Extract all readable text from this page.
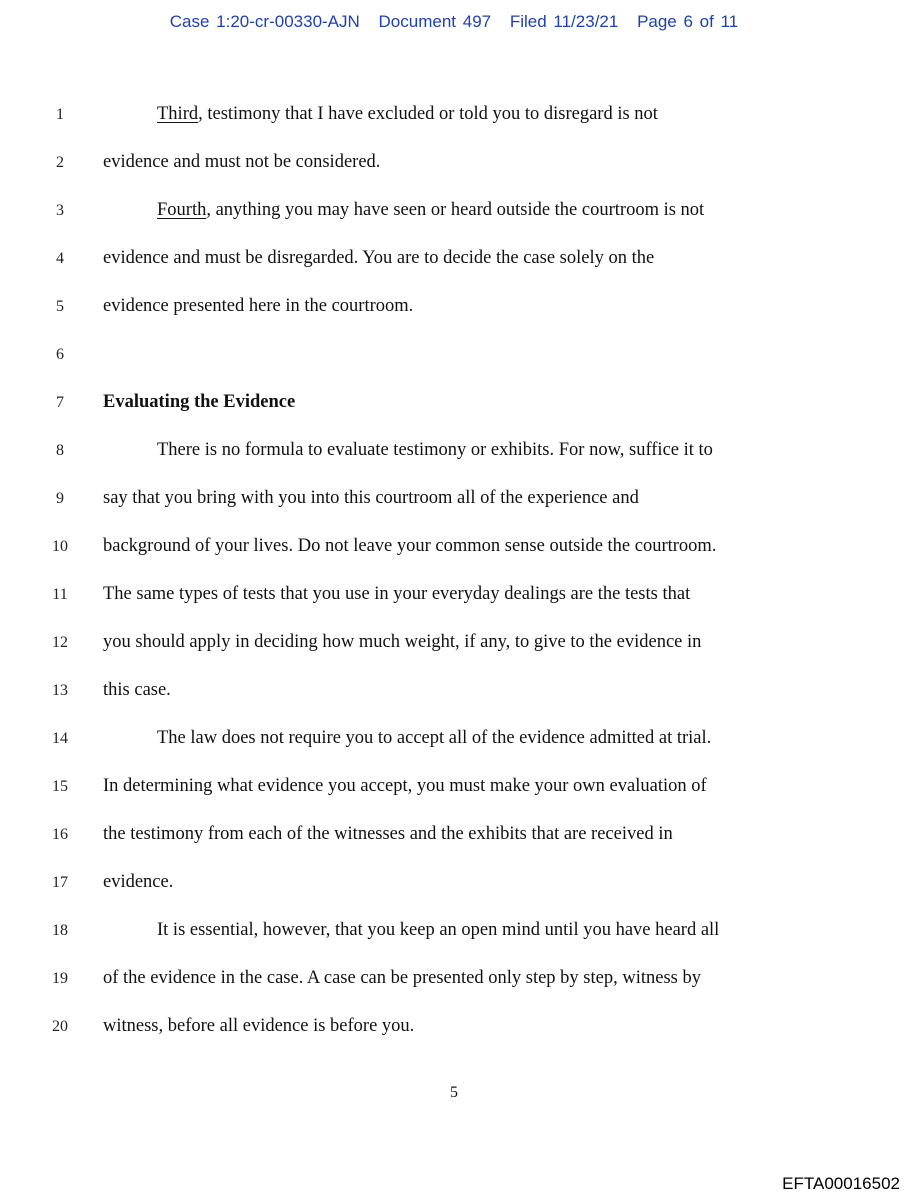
Case 1:20-cr-00330-AJN Document 497 Filed 11/23/21 Page 6 of 11
1	Third, testimony that I have excluded or told you to disregard is not
2	evidence and must not be considered.
3	Fourth, anything you may have seen or heard outside the courtroom is not
4	evidence and must be disregarded. You are to decide the case solely on the
5	evidence presented here in the courtroom.
6
7	Evaluating the Evidence
8	There is no formula to evaluate testimony or exhibits. For now, suffice it to
9	say that you bring with you into this courtroom all of the experience and
10	background of your lives. Do not leave your common sense outside the courtroom.
11	The same types of tests that you use in your everyday dealings are the tests that
12	you should apply in deciding how much weight, if any, to give to the evidence in
13	this case.
14	The law does not require you to accept all of the evidence admitted at trial.
15	In determining what evidence you accept, you must make your own evaluation of
16	the testimony from each of the witnesses and the exhibits that are received in
17	evidence.
18	It is essential, however, that you keep an open mind until you have heard all
19	of the evidence in the case. A case can be presented only step by step, witness by
20	witness, before all evidence is before you.
5
EFTA00016502
